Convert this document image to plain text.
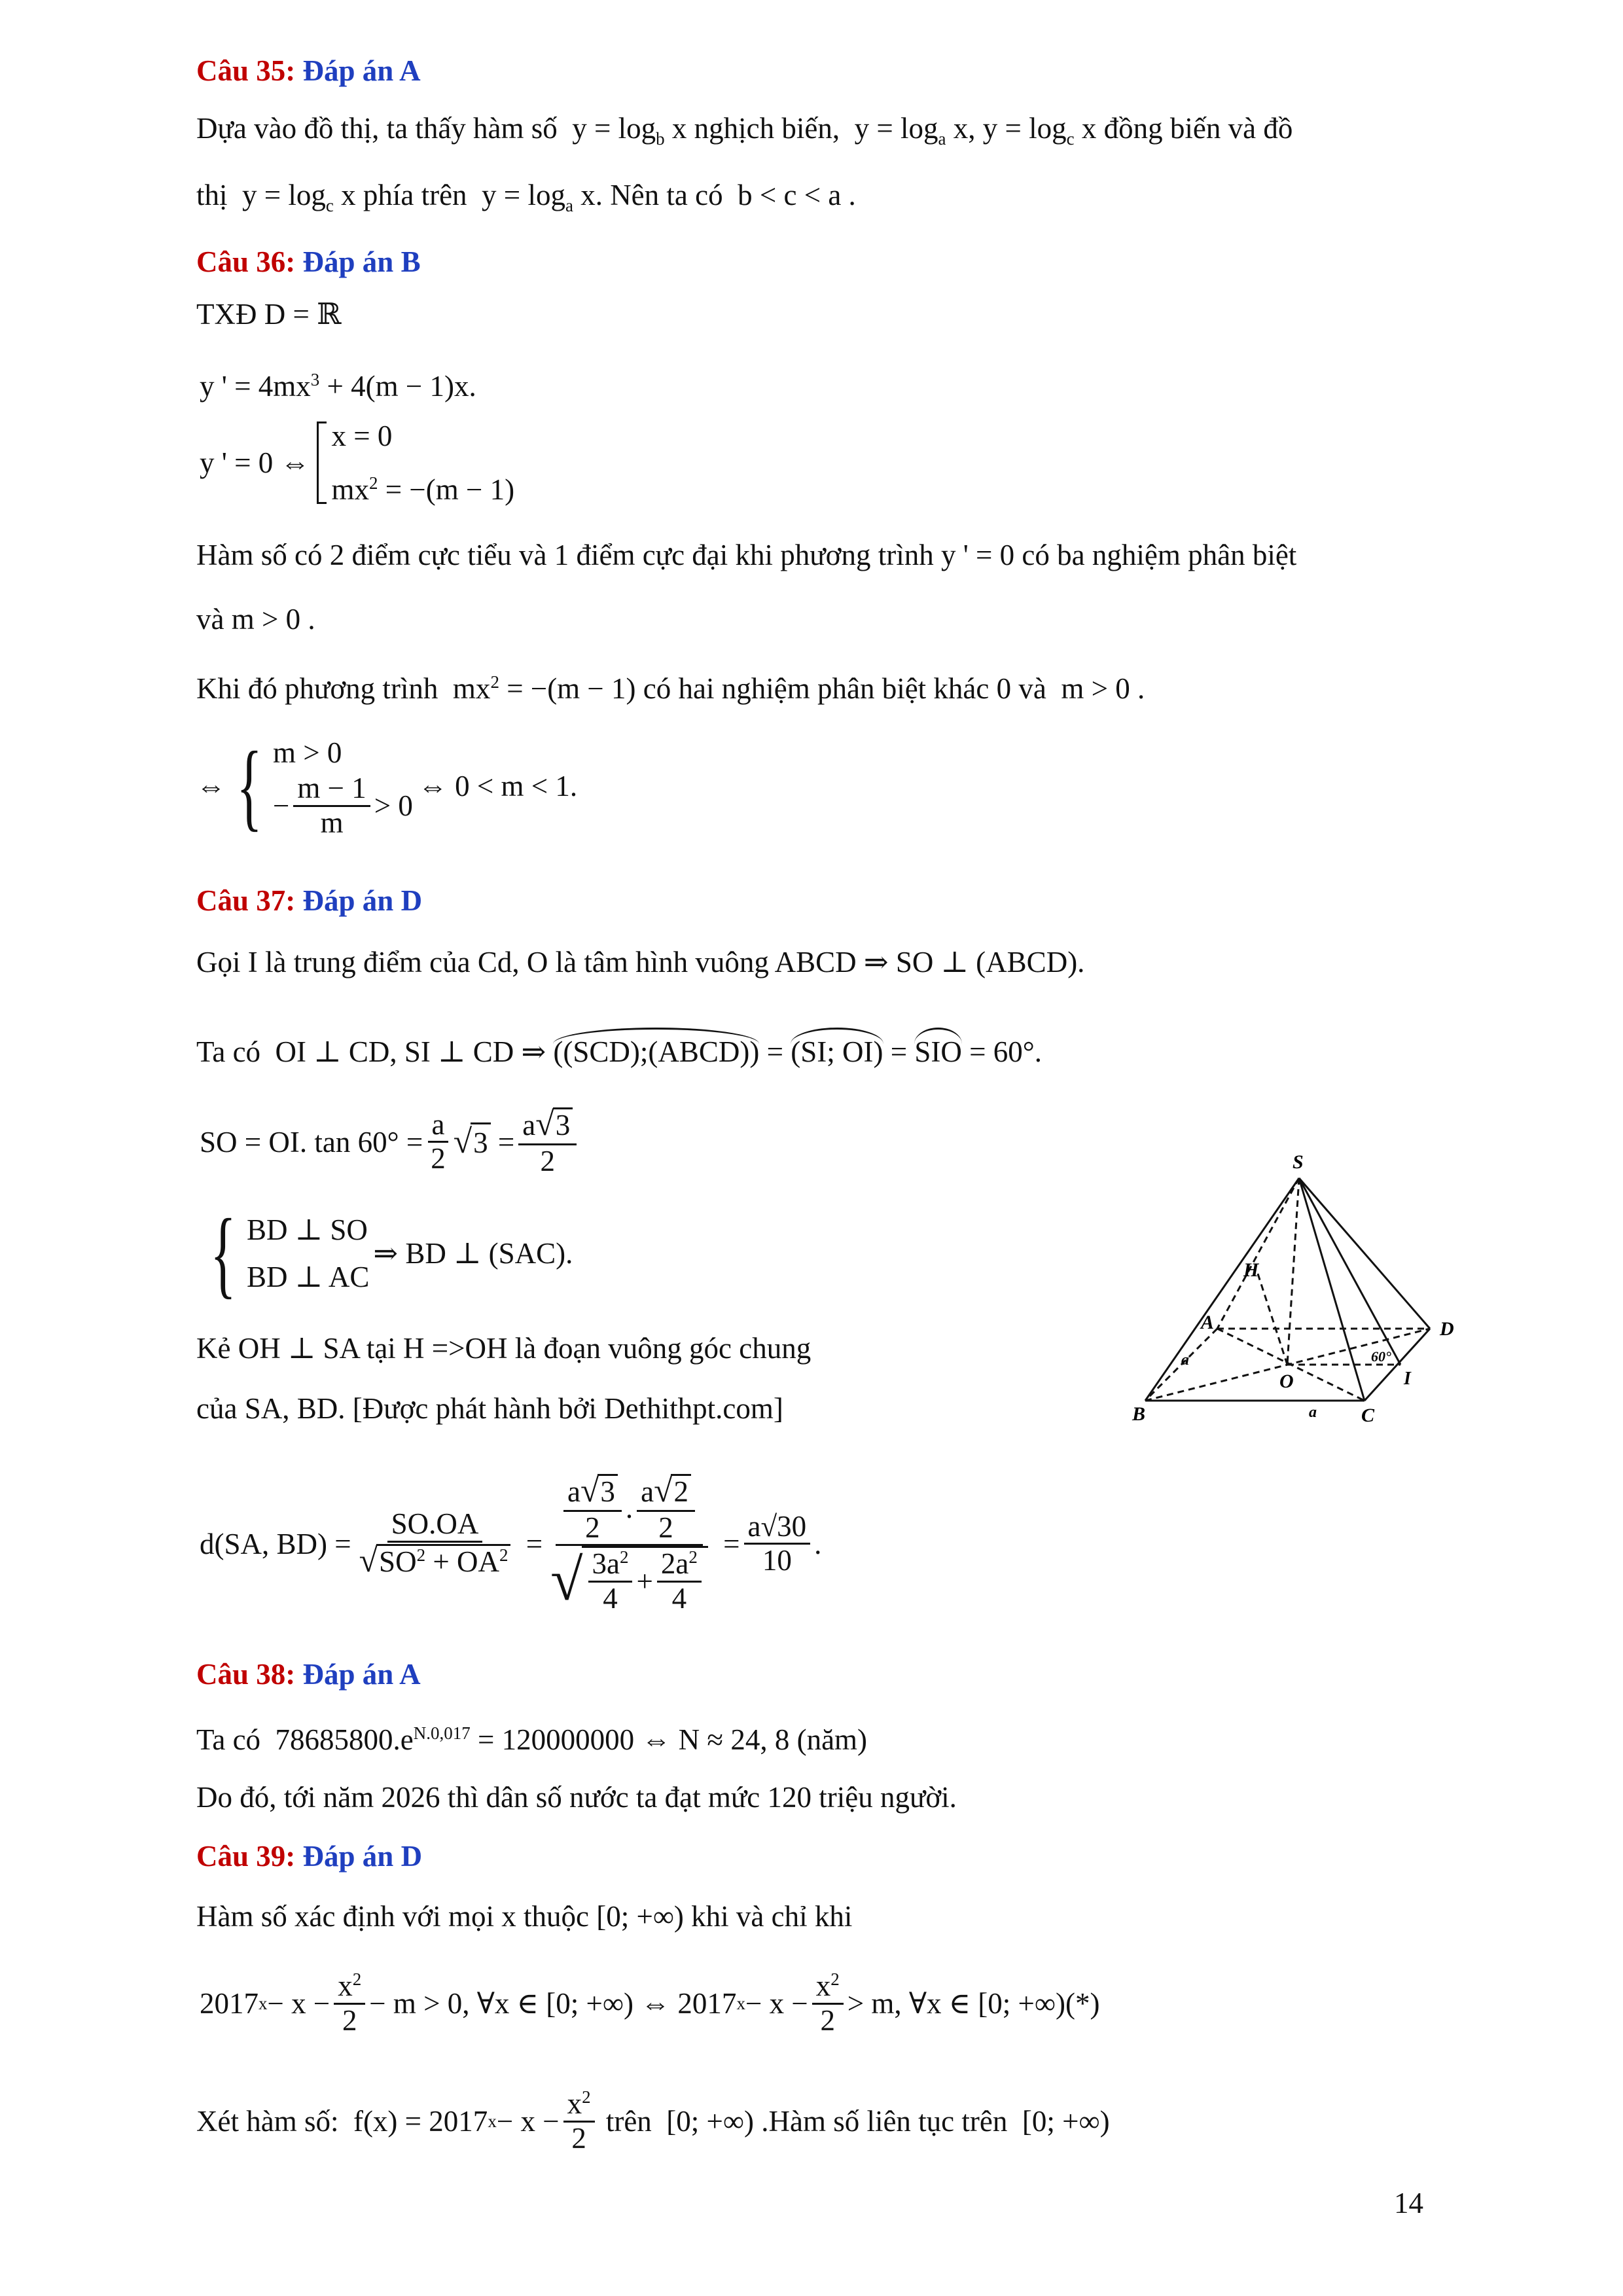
Câu 35: Đáp án A
Dựa vào đồ thị, ta thấy hàm số  $y = \log_b x$ nghịch biến,  $y = \log_a x$, $y = \log_c x$ đồng biến và đồ
thị  $y = \log_c x$ phía trên  $y = \log_a x$. Nên ta có  b < c < a .
Câu 36: Đáp án B
TXĐ D = ℝ
y ' = $4mx^3 + 4(m - 1)x$.
y ' = 0 ⇔
x = 0
$mx^2 = -(m - 1)$
Hàm số có 2 điểm cực tiểu và 1 điểm cực đại khi phương trình y ' = 0 có ba nghiệm phân biệt
và m > 0 .
Khi đó phương trình  $mx^2 = -(m - 1)$ có hai nghiệm phân biệt khác 0 và  m > 0 .
⇔ { m > 0
− $\frac{m - 1}{m} > 0$
⇔ 0 < m < 1.
Câu 37: Đáp án D
Gọi I là trung điểm của Cd, O là tâm hình vuông ABCD ⇒ SO ⊥ (ABCD).
Ta có  OI ⊥ CD, SI ⊥ CD ⇒ ((SCD);(ABCD)) = (SI; OI) = SIO = 60°.
SO = OI. $\tan 60^\circ = \frac{a}{2}$ √ $3 = \frac{a√3}{2}$
{ BD ⊥ SO
BD ⊥ AC
⇒ BD ⊥ (SAC).
Kẻ OH ⊥ SA tại H =>OH là đoạn vuông góc chung
của SA, BD. [Được phát hành bởi Dethithpt.com]
d(SA, $BD) = \frac{SO.OA}{√SO^2 + OA^2} = \frac{\frac{a√3}{2} . \frac{a√2}{2}}{√ \frac{3a^2}{4} + \frac{2a^2}{4}} = \frac{a√30}{10}$ .
S
A
B	C
D
O
H
I
a
a
60°
Câu 38: Đáp án A
Ta có  $78685800.e^{N.0,017} = 120000000$ ⇔ N ≈ 24, 8 (năm)
Do đó, tới năm 2026 thì dân số nước ta đạt mức 120 triệu người.
Câu 39: Đáp án D
Hàm số xác định với mọi x thuộc [0; +∞) khi và chỉ khi
2017 $x - x - \frac{x^2}{2} - m > 0$, ∀x ∈ [0; +∞) ⇔ 2017 $x - x - \frac{x^2}{2} > m$, ∀x ∈ [0; +∞)(*)
Xét hàm số:  f(x) = 2017 $x - x - \frac{x^2}{2}$ trên  [0; +∞) .Hàm số liên tục trên  [0; +∞)
14
